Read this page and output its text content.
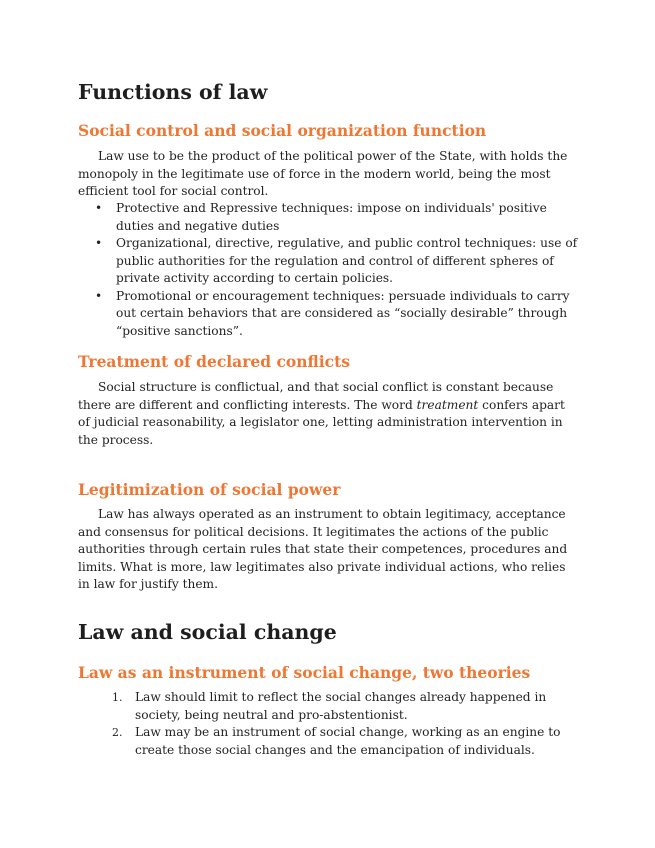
Functions of law
Social control and social organization function

Law use to be the product of the political power of the State, with holds the monopoly in the legitimate use of force in the modern world, being the most efficient tool for social control.

• Protective and Repressive techniques: impose on individuals' positive duties and negative duties
• Organizational, directive, regulative, and public control techniques: use of public authorities for the regulation and control of different spheres of private activity according to certain policies.
• Promotional or encouragement techniques: persuade individuals to carry out certain behaviors that are considered as “socially desirable” through “positive sanctions”.
Treatment of declared conflicts

Social structure is conflictual, and that social conflict is constant because there are different and conflicting interests. The word treatment confers apart of judicial reasonability, a legislator one, letting administration intervention in the process.

Legitimization of social power

Law has always operated as an instrument to obtain legitimacy, acceptance and consensus for political decisions. It legitimates the actions of the public authorities through certain rules that state their competences, procedures and limits. What is more, law legitimates also private individual actions, who relies in law for justify them.

Law and social change
Law as an instrument of social change, two theories
1. Law should limit to reflect the social changes already happened in society, being neutral and pro-abstentionist.
2. Law may be an instrument of social change, working as an engine to create those social changes and the emancipation of individuals.
